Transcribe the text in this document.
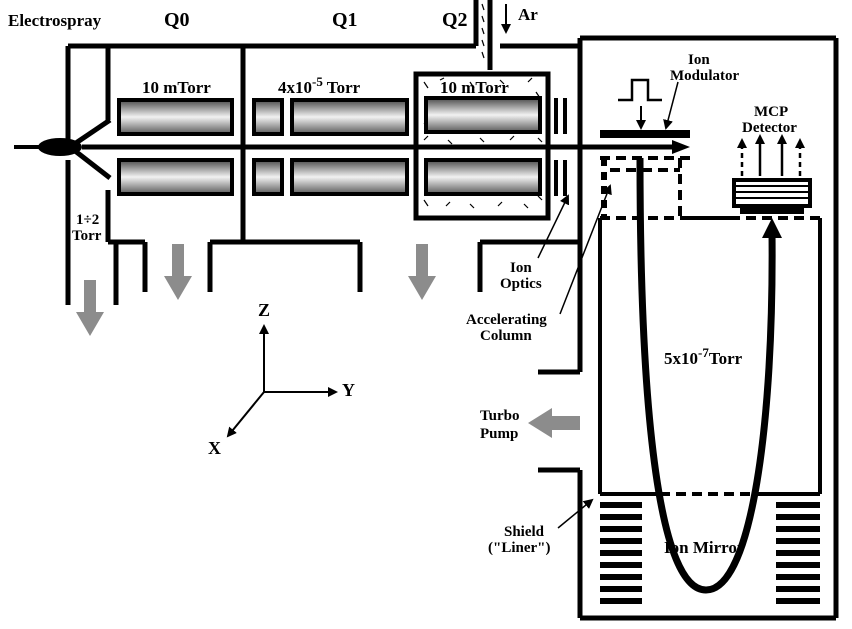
Electrospray	Q0	Q1	Q2	Ar
1÷2
Torr
10 mTorr	$4x10^{-5}$ Torr	10 mTorr
Ion
Modulator
MCP
Detector
Ion
Optics
Accelerating
Column
$5x10^{-7}Torr$
Turbo
Pump
Shield
("Liner")	Ion Mirror
Z
Y
X
